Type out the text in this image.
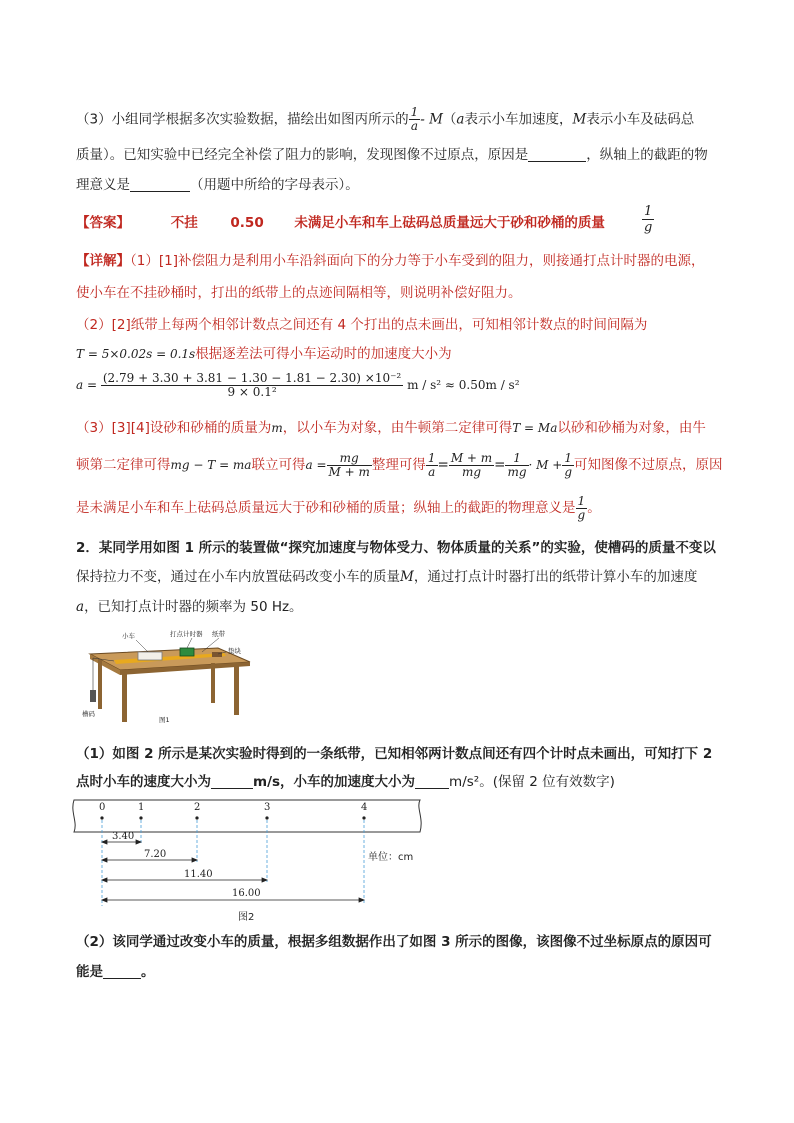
（3）小组同学根据多次实验数据，描绘出如图丙所示的 $\frac{1}{a} - M(a$表示小车加速度，M表示小车及砝码总
质量）。已知实验中已经完全补偿了阻力的影响，发现图像不过原点，原因是	，纵轴上的截距的物
理意义是	（用题中所给的字母表示）。
【答案】	不挂 0.50 未满足小车和车上砝码总质量远大于砂和砂桶的质量	$\frac{1}{g}$
【详解】（1）[1]补偿阻力是利用小车沿斜面向下的分力等于小车受到的阻力，则接通打点计时器的电源，
使小车在不挂砂桶时，打出的纸带上的点迹间隔相等，则说明补偿好阻力。
（2）[2]纸带上每两个相邻计数点之间还有 4 个打出的点未画出，可知相邻计数点的时间间隔为
T = 5×0.02s = 0.1s根据逐差法可得小车运动时的加速度大小为
$a = \frac{\text{(2.79 + 3.30 + 3.81 − 1.30 − 1.81 − 2.30) ×10⁻²}}{\text{9 × 0.1²}}$ m / s² ≈ 0.50m / s²
（3）[3][4]设砂和砂桶的质量为m，以小车为对象，由牛顿第二定律可得T = Ma以砂和砂桶为对象，由牛
顿第二定律可得mg − T = ma联立可得$a = \frac{mg}{M + m}$ 整理可得 $\frac{1}{a} = \frac{M + m}{mg} = \frac{1}{mg} \cdot M + \frac{1}{g}$ 可知图像不过原点，原因
是未满足小车和车上砝码总质量远大于砂和砂桶的质量；纵轴上的截距的物理意义是 $\frac{1}{g}$ 。
2．某同学用如图 1 所示的装置做“探究加速度与物体受力、物体质量的关系”的实验，使槽码的质量不变以
保持拉力不变，通过在小车内放置砝码改变小车的质量M，通过打点计时器打出的纸带计算小车的加速度
a，已知打点计时器的频率为 50 Hz。
小车	打点计时器 纸带
垫块
槽码
图1
（1）如图 2 所示是某次实验时得到的一条纸带，已知相邻两计数点间还有四个计时点未画出，可知打下 2
点时小车的速度大小为	m/s，小车的加速度大小为	m/s²。(保留 2 位有效数字)
0	1	2	3	4
3.40
7.20
11.40
16.00
单位：cm
图2
（2）该同学通过改变小车的质量，根据多组数据作出了如图 3 所示的图像，该图像不过坐标原点的原因可
能是	。
